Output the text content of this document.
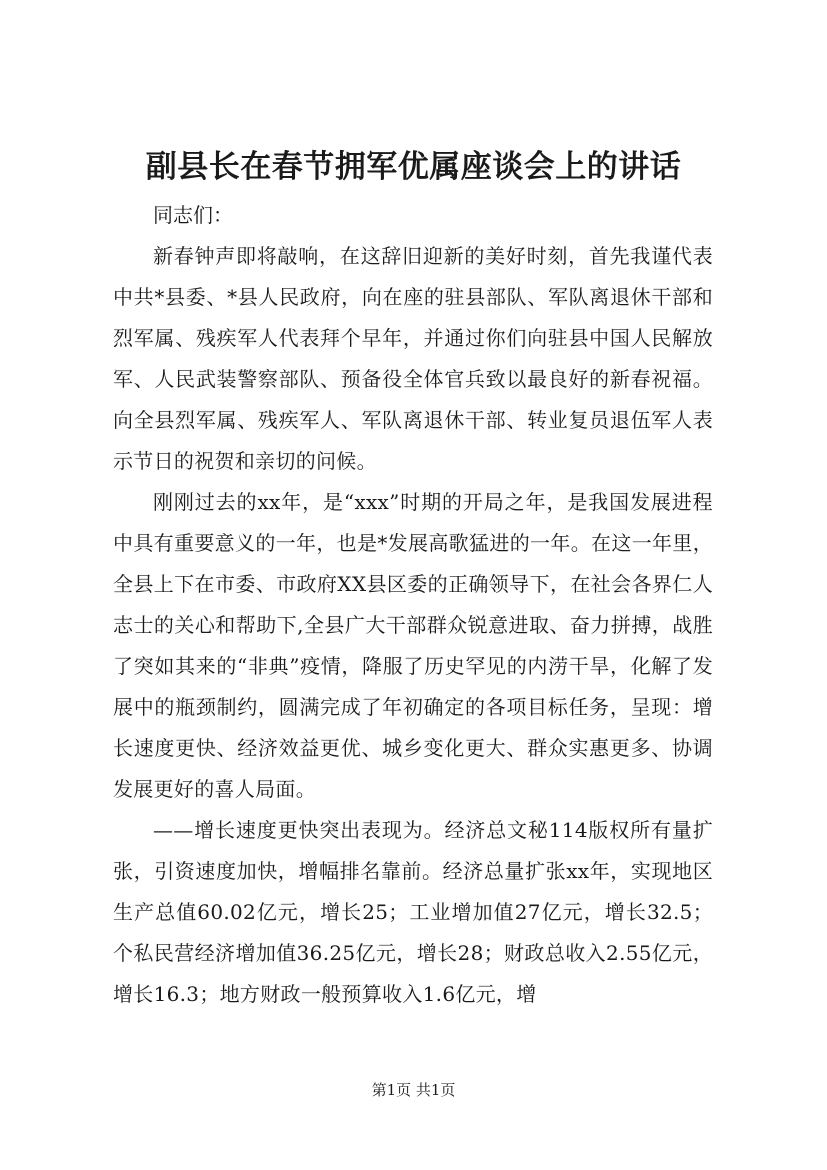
副县长在春节拥军优属座谈会上的讲话

同志们：

新春钟声即将敲响，在这辞旧迎新的美好时刻，首先我谨代表中共*县委、*县人民政府，向在座的驻县部队、军队离退休干部和烈军属、残疾军人代表拜个早年，并通过你们向驻县中国人民解放军、人民武装警察部队、预备役全体官兵致以最良好的新春祝福。向全县烈军属、残疾军人、军队离退休干部、转业复员退伍军人表示节日的祝贺和亲切的问候。

刚刚过去的xx年，是“xxx”时期的开局之年，是我国发展进程中具有重要意义的一年，也是*发展高歌猛进的一年。在这一年里，全县上下在市委、市政府XX县区委的正确领导下，在社会各界仁人志士的关心和帮助下,全县广大干部群众锐意进取、奋力拼搏，战胜了突如其来的“非典”疫情，降服了历史罕见的内涝干旱，化解了发展中的瓶颈制约，圆满完成了年初确定的各项目标任务，呈现：增长速度更快、经济效益更优、城乡变化更大、群众实惠更多、协调发展更好的喜人局面。

——增长速度更快突出表现为。经济总文秘114版权所有量扩张，引资速度加快，增幅排名靠前。经济总量扩张xx年，实现地区生产总值60.02亿元，增长25；工业增加值27亿元，增长32.5；个私民营经济增加值36.25亿元，增长28；财政总收入2.55亿元，增长16.3；地方财政一般预算收入1.6亿元，增

第1页 共1页
